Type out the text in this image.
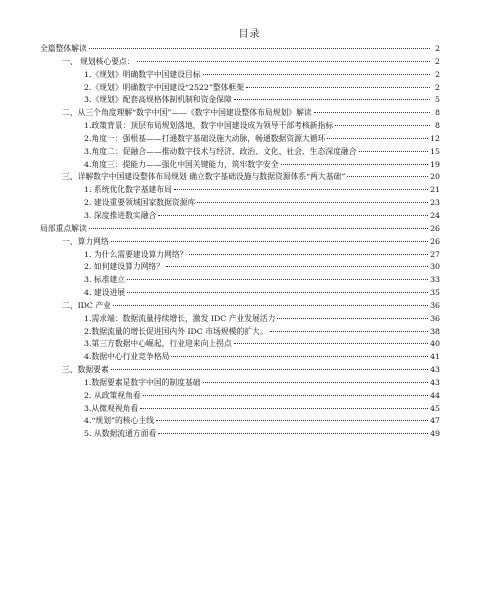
目录
全篇整体解读	2
一、 规划核心要点：	2
1.《规划》明确数字中国建设目标	2
2.《规划》明确数字中国建设“2522”整体框架	2
3.《规划》配套高规格体制机制和资金保障	5
二、从三个角度理解“数字中国”——《数字中国建设整体布局规划》解读	8
1.政策背景：顶层布局规划落地，数字中国建设成为领导干部考核新指标	8
2.角度一：强根基——打通数字基础设施大动脉，畅通数据资源大循环	12
3.角度二：促融合——推动数字技术与经济、政治、文化、社会、生态深度融合	15
4.角度三：提能力——强化中国关键能力，筑牢数字安全	19
三、详解数字中国建设整体布局规划 确立数字基础设施与数据资源体系“两大基础”	20
1. 系统优化数字基建布局	21
2. 建设重要领域国家数据资源库	23
3. 深度推进数实融合	24
局部重点解读	26
一、算力网络	26
1. 为什么需要建设算力网络？	27
2. 如何建设算力网络？	30
3. 标准建立	33
4. 建设进展	35
二、IDC 产业	36
1.需求端：数据流量持续增长，激发 IDC 产业发展活力	36
2.数据流量的增长促进国内外 IDC 市场规模的扩大。	38
3.第三方数据中心崛起，行业迎来向上拐点	40
4.数据中心行业竞争格局	41
三、数据要素	43
1.数据要素是数字中国的制度基础	43
2. 从政策视角看	44
3.从微观视角看	45
4.“规划”的核心主线	47
5. 从数据流通方面看	49
